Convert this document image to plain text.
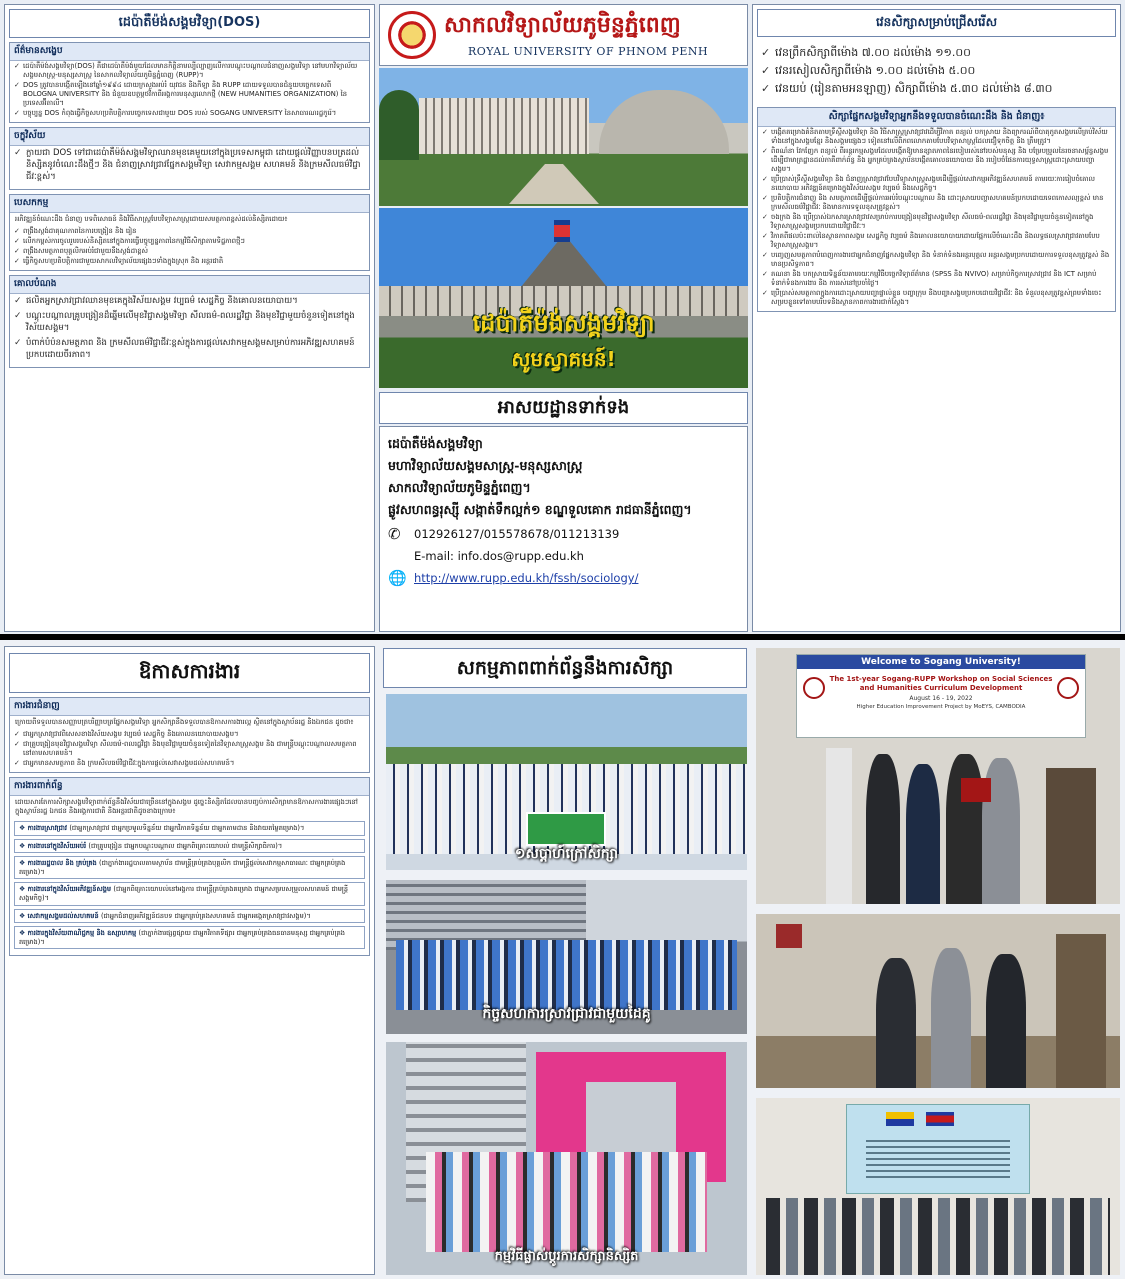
ដេប៉ាតឺម៉ង់សង្គមវិទ្យា(DOS)
ព័ត៌មានសង្ខេប
✓ ដេប៉ាតឺម៉ង់សង្គមវិទ្យា(DOS) គឺជាដេប៉ាតឺម៉ង់មួយដែលមានកិត្តិនាមល្បីល្បាញលើការបណ្តុះបណ្តាលជំនាញសង្គមវិទ្យា នៅមហាវិទ្យាល័យសង្គមសាស្រ្ត-មនុស្សសាស្រ្ត នៃសាកលវិទ្យាល័យភូមិន្ទភ្នំពេញ (RUPP)។
✓ DOS ត្រូវបានបង្កើតឡើងនៅឆ្នាំ១៩៩៤ ដោយក្រសួងអប់រំ យុវជន និងកីឡា និង RUPP ដោយទទួលបានជំនួយបច្ចេកទេសពី BOLOGNA UNIVERSITY និង ជំនួយឧបត្ថម្ភថវិកាពីអង្គការមនុស្សលោកថ្មី (NEW HUMANITIES ORGANIZATION) នៃប្រទេសអ៊ីតាលី។
✓ បច្ចុប្បន្ន DOS កំពុងធ្វើកិច្ចសហប្រតិបត្តិការបច្ចេកទេសជាមួយ DOS របស់ SOGANG UNIVERSITY នៃសាធារណរដ្ឋកូរ៉េ។
ចក្ខុវិស័យ
✓ ក្លាយជា DOS ទៅជាដេប៉ាតឺម៉ង់សង្គមវិទ្យាឈានមុខគេមួយនៅក្នុងប្រទេសកម្ពុជា ដោយផ្តល់វិញ្ញាបនបត្រដល់និស្សិតនូវចំណេះដឹងថ្មីៗ និង ជំនាញស្រាវជ្រាវផ្នែកសង្គមវិទ្យា សេវាកម្មសង្គម សហគមន៍ និងក្រមសីលធម៌វិជ្ជាជីវៈខ្ពស់។
បេសកកម្ម
អភិវឌ្ឍន៍ចំណេះដឹង ជំនាញ បទពិសោធន៍ និងវិធីសាស្រ្តបែបវិទ្យាសាស្រ្តដោយសមត្ថភាពខ្ពស់ដល់និស្សិតដោយ៖
✓ ពង្រឹងស្តង់ដាគុណភាពនៃការបង្រៀន និង រៀន
✓ លើកកម្ពស់ការចូលរួមរបស់និស្សិតនៅក្នុងការធ្វើបច្ចុប្បន្នភាពនៃកម្មវិធីសិក្សាតាមទិដ្ឋភាពថ្មីៗ
✓ ពង្រឹងសមត្ថភាពបុគ្គលិកអប់រំជាមួយនឹងស្តង់ដាខ្ពស់
✓ ធ្វើកិច្ចសហប្រតិបត្តិការជាមួយសាកលវិទ្យាល័យផ្សេងៗទាំងក្នុងស្រុក និង អន្តរជាតិ
គោលបំណង
✓ ផលិតអ្នកស្រាវជ្រាវឈានមុខគេក្នុងវិស័យសង្គម វប្បធម៌ សេដ្ឋកិច្ច និងគោលនយោបាយ។
✓ បណ្តុះបណ្តាលគ្រូបង្រៀនដ៏ឆ្នើមលើមុខវិជ្ជាសង្គមវិទ្យា សីលធម៌-ពលរដ្ឋវិជ្ជា និងមុខវិជ្ជាមួយចំនួនទៀតនៅក្នុងវិស័យសង្គម។
✓ បំពាក់បំប៉នសមត្ថភាព និង ក្រមសីលធម៌វិជ្ជាជីវៈខ្ពស់ក្នុងការផ្តល់សេវាកម្មសង្គមសម្រាប់ការអភិវឌ្ឍសហគមន៍ប្រកបដោយចីរភាព។
សាកលវិទ្យាល័យភូមិន្ទភ្នំពេញ
ROYAL UNIVERSITY OF PHNOM PENH
ដេប៉ាតឺម៉ង់សង្គមវិទ្យា
សូមស្វាគមន៍!
អាសយដ្ឋានទាក់ទង
ដេប៉ាតឺម៉ង់សង្គមវិទ្យា
មហាវិទ្យាល័យសង្គមសាស្ត្រ-មនុស្សសាស្ត្រ
សាកលវិទ្យាល័យភូមិន្ទភ្នំពេញ។
ផ្លូវសហពន្ធរុស្ស៊ី សង្កាត់ទឹកល្អក់១ ខណ្ឌទួលគោក រាជធានីភ្នំពេញ។
✆	012926127/015578678/011213139
E-mail: info.dos@rupp.edu.kh
🌐 http://www.rupp.edu.kh/fssh/sociology/
វេនសិក្សាសម្រាប់ជ្រើសរើស
✓ វេនព្រឹកសិក្សាពីម៉ោង ៧.០០ ដល់ម៉ោង ១១.០០
✓ វេនរសៀលសិក្សាពីម៉ោង ១.០០ ដល់ម៉ោង ៥.០០
✓ វេនយប់ (រៀនតាមអនឡាញ) សិក្សាពីម៉ោង ៥.៣០ ដល់ម៉ោង ៨.៣០
សិក្សាផ្នែកសង្គមវិទ្យាអ្នកនឹងទទួលបានចំណេះដឹង និង ជំនាញ៖
✓ បង្កើតគម្រោងគំនិតតាមទ្រឹស្តីសង្គមវិទ្យា និង វិធីសាស្ត្រស្រាវជ្រាវដើម្បីវិភាគ ពន្យល់ បកស្រាយ និងព្យាករណ៍ពីបាតុភូតសង្គមលើគ្រប់វិស័យ ទាំងនៅក្នុងសង្គមខ្មែរ និងសង្គមផ្សេងៗ ទៀតនៅលើពិភពលោកតាមបែបវិទ្យាសាស្ត្រដែលជឿទុកចិត្ត និង ត្រឹមត្រូវ។
✓ ពិពណ៌នា វែកញែក ពន្យល់ ពីអន្តរកម្មសង្គមដែលបង្កើតឱ្យមានខ្សាតភាពនៃរបៀបរស់នៅរបស់មនុស្ស និង បម្រែបម្រួលនៃរចនាសម្ព័ន្ធសង្គមដើម្បីជាមាត្រដ្ឋានដល់ភាគីពាក់ព័ន្ធ និង អ្នកគ្រប់គ្រងស្ថាប័នបង្កើតគោលនយោបាយ និង របៀបចំផែនការយុទ្ធសាស្រ្តដោះស្រាយបញ្ហាសង្គម។
✓ ប្រើប្រាស់ទ្រឹស្តីសង្គមវិទ្យា និង ជំនាញស្រាវជ្រាវបែបវិទ្យាសាស្ត្រសង្គមដើម្បីផ្តល់សេវាកម្មអភិវឌ្ឍន៍សហគមន៍ តាមរយៈការរៀបចំគោលនយោបាយ អភិវឌ្ឍន៍គម្រោងក្នុងវិស័យសង្គម វប្បធម៌ និងសេដ្ឋកិច្ច។
✓ ប្រតិបត្តិការជំនាញ និង សមត្ថភាពដើម្បីផ្តល់ការអប់រំបណ្តុះបណ្តាល និង ដោះស្រាយបញ្ហាសហគមន៍ប្រកបដោយទេពកោសល្យខ្ពស់ មានក្រមសីលធម៌វិជ្ជាជីវៈ និងមានការទទួលខុសត្រូវខ្ពស់។
✓ ចងក្រង និង ប្រើប្រាស់ឯកសារស្រាវជ្រាវសម្រាប់ការបង្រៀនមុខវិជ្ជាសង្គមវិទ្យា សីលធម៌-ពលរដ្ឋវិជ្ជា និងមុខវិជ្ជាមួយចំនួនទៀតនៅក្នុងវិទ្យាសាស្ត្រសង្គមប្រកបដោយវិជ្ជាជីវៈ។
✓ វិភាគពីផលប៉ះពាល់នៃស្ថានភាពសង្គម សេដ្ឋកិច្ច វប្បធម៌ និងគោលនយោបាយដោយផ្អែកលើចំណេះដឹង និងលទ្ធផលស្រាវជ្រាវតាមបែបវិទ្យាសាស្ត្រសង្គម។
✓ បញ្ចេញសមត្ថភាពបំពេញការងារជាអ្នកជំនាញផ្នែកសង្គមវិទ្យា និង ទំនាក់ទំនងអន្តរបុគ្គល អន្តរសង្គមប្រកបដោយការទទួលខុសត្រូវខ្ពស់ និង មានប្រសិទ្ធភាព។
✓ គណនា និង បកស្រាយទិន្នន័យតាមរយៈកម្មវិធីបច្ចេកវិទ្យាព័ត៌មាន (SPSS និង NVIVO) សម្រាប់កិច្ចការស្រាវជ្រាវ និង ICT សម្រាប់ទំនាក់ទំនងការងារ និង ការរស់នៅប្រចាំថ្ងៃ។
✓ ប្រើប្រាស់សមត្ថភាពក្នុងការដោះស្រាយបញ្ហាផ្ទាល់ខ្លួន បញ្ហាក្រុម និងបញ្ហាសង្គមប្រកបដោយវិជ្ជាជីវៈ និង ទំនួលខុសត្រូវខ្ពស់ព្រមទាំងចេះសម្របខ្លួនទៅតាមបរិបទនិងស្ថានភាពការងារជាក់ស្តែង។
ឱកាសការងារ
ការងារជំនាញ
ក្រោយពីទទួលបានសញ្ញាបត្របរិញ្ញាបត្រផ្នែកសង្គមវិទ្យា អ្នកសិក្សានឹងទទួលបានឱកាសការងារល្អ ស្ថិតនៅក្នុងស្ថាប័នរដ្ឋ និងឯកជន ដូចជា៖
✓ ជាអ្នកស្រាវជ្រាវពិសេសខាងវិស័យសង្គម វប្បធម៌ សេដ្ឋកិច្ច និងគោលនយោបាយសង្គម។
✓ ជាគ្រូបង្រៀនមុខវិជ្ជាសង្គមវិទ្យា សីលធម៌-ពលរដ្ឋវិជ្ជា និងមុខវិជ្ជាមួយចំនួនទៀតនៃវិទ្យាសាស្ត្រសង្គម និង ជាមន្ត្រីបណ្តុះបណ្តាលសមត្ថភាពនៅតាមសហគមន៍។
✓ ជាអ្នកមានសមត្ថភាព និង ក្រមសីលធម៌វិជ្ជាជីវៈក្នុងការផ្តល់សេវាសង្គមដល់សហគមន៍។
ការងារពាក់ព័ន្ធ
ដោយសារតែការសិក្សាសង្គមវិទ្យាពាក់ព័ន្ធនឹងវិស័យជាច្រើននៅក្នុងសង្គម ដូច្នេះនិស្សិតដែលបានបញ្ចប់ការសិក្សាមានឱកាសការងារផ្សេងៗនៅក្នុងស្ថាប័នរដ្ឋ ឯកជន និងអង្គការជាតិ និងអន្តរជាតិដូចខាងក្រោម៖
❖ ការងារស្រាវជ្រាវ (ជាអ្នកស្រាវជ្រាវ ជាអ្នកប្រមូលទិន្នន័យ ជាអ្នកវិភាគទិន្នន័យ ជាអ្នកតាមដាន និងវាយតម្លៃគម្រោង)។
❖ ការងារនៅក្នុងវិស័យអប់រំ (ជាគ្រូបង្រៀន ជាអ្នកបណ្តុះបណ្តាល ជាអ្នកពិគ្រោះយោបល់ ជាមន្ត្រីសិក្សាធិការ)។
❖ ការងាររដ្ឋបាល និង គ្រប់គ្រង (ជាភ្នាក់ងាររដ្ឋបាលតាមស្ថាប័ន ជាមន្ត្រីគ្រប់គ្រងបុគ្គលិក ជាមន្ត្រីផ្តល់សេវាកម្មសាធារណៈ ជាអ្នកគ្រប់គ្រងគម្រោង)។
❖ ការងារនៅក្នុងវិស័យអភិវឌ្ឍន៍សង្គម (ជាអ្នកពិគ្រោះយោបល់នៅអង្គការ ជាមន្ត្រីគ្រប់គ្រងគម្រោង ជាអ្នកសម្របសម្រួលសហគមន៍ ជាមន្ត្រីសង្គមកិច្ច)។
❖ សេវាកម្មសង្គមដល់សហគមន៍ (ជាអ្នកជំនាញអភិវឌ្ឍន៍ជនបទ ជាអ្នកគ្រប់គ្រងសហគមន៍ ជាអ្នកអង្កេតស្រាវជ្រាវសង្គម)។
❖ ការងារក្នុងវិស័យពាណិជ្ជកម្ម និង ឧស្សាហកម្ម (ជាភ្នាក់ងារផ្សព្វផ្សាយ ជាអ្នកវិភាគទីផ្សារ ជាអ្នកគ្រប់គ្រងធនធានមនុស្ស ជាអ្នកគ្រប់គ្រងគម្រោង)។
សកម្មភាពពាក់ព័ន្ធនឹងការសិក្សា
១សប្តាហ៍ក្រៅសិក្សា
កិច្ចសហការស្រាវជ្រាវជាមួយដៃគូ
កម្មវិធីផ្លាស់ប្តូរការសិក្សានិស្សិត
Welcome to Sogang University!
The 1st-year Sogang-RUPP Workshop on Social Sciences and Humanities Curriculum Development
August 16 - 19, 2022
Higher Education Improvement Project by MoEYS, CAMBODIA
